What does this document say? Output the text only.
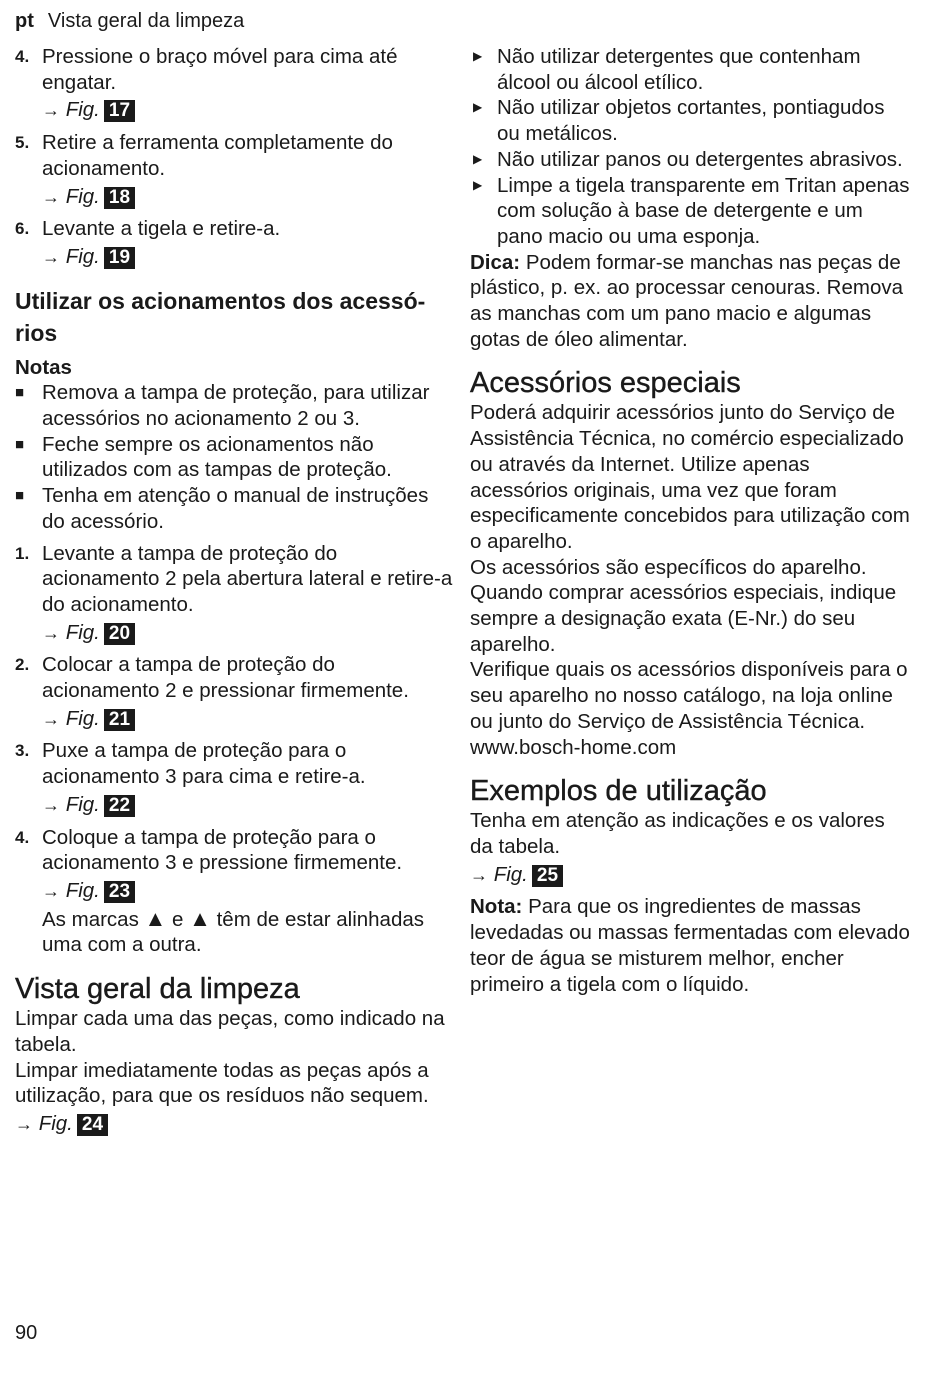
pt Vista geral da limpeza
4. Pressione o braço móvel para cima até engatar.
→ Fig. 17
5. Retire a ferramenta completamente do acionamento.
→ Fig. 18
6. Levante a tigela e retire-a.
→ Fig. 19
Utilizar os acionamentos dos acessó-rios
Notas
■ Remova a tampa de proteção, para utilizar acessórios no acionamento 2 ou 3.
■ Feche sempre os acionamentos não utilizados com as tampas de proteção.
■ Tenha em atenção o manual de instruções do acessório.
1. Levante a tampa de proteção do acionamento 2 pela abertura lateral e retire-a do acionamento.
→ Fig. 20
2. Colocar a tampa de proteção do acionamento 2 e pressionar firmemente.
→ Fig. 21
3. Puxe a tampa de proteção para o acionamento 3 para cima e retire-a.
→ Fig. 22
4. Coloque a tampa de proteção para o acionamento 3 e pressione firmemente.
→ Fig. 23
As marcas ▲ e ▲ têm de estar alinhadas uma com a outra.
Vista geral da limpeza

Limpar cada uma das peças, como indicado na tabela.

Limpar imediatamente todas as peças após a utilização, para que os resíduos não sequem.

→ Fig. 24
▶ Não utilizar detergentes que contenham álcool ou álcool etílico.
▶ Não utilizar objetos cortantes, pontiagudos ou metálicos.
▶ Não utilizar panos ou detergentes abrasivos.
▶ Limpe a tigela transparente em Tritan apenas com solução à base de detergente e um pano macio ou uma esponja.

Dica: Podem formar-se manchas nas peças de plástico, p. ex. ao processar cenouras. Remova as manchas com um pano macio e algumas gotas de óleo alimentar.

Acessórios especiais

Poderá adquirir acessórios junto do Serviço de Assistência Técnica, no comércio especializado ou através da Internet. Utilize apenas acessórios originais, uma vez que foram especificamente concebidos para utilização com o aparelho.

Os acessórios são específicos do aparelho. Quando comprar acessórios especiais, indique sempre a designação exata (E-Nr.) do seu aparelho.

Verifique quais os acessórios disponíveis para o seu aparelho no nosso catálogo, na loja online ou junto do Serviço de Assistência Técnica.

www.bosch-home.com

Exemplos de utilização

Tenha em atenção as indicações e os valores da tabela.

→ Fig. 25

Nota: Para que os ingredientes de massas levedadas ou massas fermentadas com elevado teor de água se misturem melhor, encher primeiro a tigela com o líquido.

90
